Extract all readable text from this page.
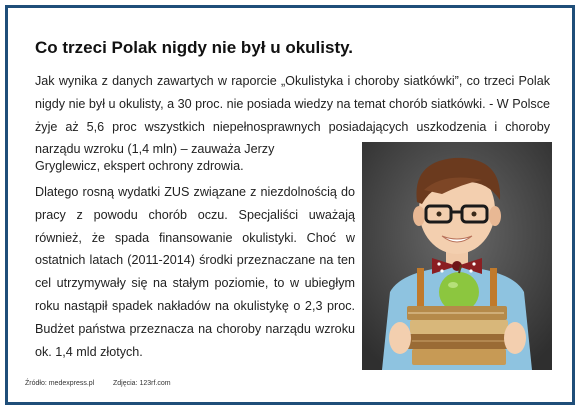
Co trzeci Polak nigdy nie był u okulisty.

Jak wynika z danych zawartych w raporcie „Okulistyka i choroby siatkówki”, co trzeci Polak nigdy nie był u okulisty, a 30 proc. nie posiada wiedzy na temat chorób siatkówki. - W Polsce żyje aż 5,6 proc wszystkich niepełnosprawnych posiadających uszkodzenia i choroby narządu wzroku (1,4 mln) – zauważa Jerzy

Gryglewicz, ekspert ochrony zdrowia.

Dlatego rosną wydatki ZUS związane z niezdolnością do pracy z powodu chorób oczu. Specjaliści uważają również, że spada finansowanie okulistyki. Choć w ostatnich latach (2011-2014) środki przeznaczane na ten cel utrzymywały się na stałym poziomie, to w ubiegłym roku nastąpił spadek nakładów na okulistykę o 2,3 proc. Budżet państwa przeznacza na choroby narządu wzroku ok. 1,4 mld złotych.

Źródło: medexpress.pl	Zdjęcia: 123rf.com
